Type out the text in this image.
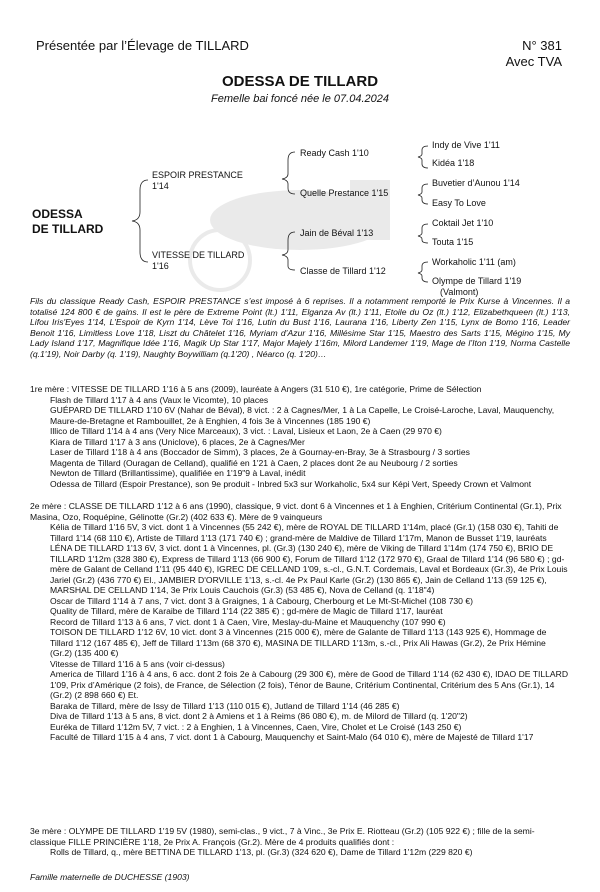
Présentée par l’Élevage de TILLARD	N° 381
Avec TVA
ODESSA DE TILLARD
Femelle bai foncé née le 07.04.2024
ODESSA
DE TILLARD
ESPOIR PRESTANCE
1'14
VITESSE DE TILLARD
1'16
Ready Cash 1'10
Quelle Prestance 1'15
Jain de Béval 1'13
Classe de Tillard 1'12
Indy de Vive 1'11
Kidéa 1'18
Buvetier d’Aunou 1'14
Easy To Love
Coktail Jet 1'10
Touta 1'15
Workaholic 1'11 (am)
Olympe de Tillard 1'19
(Valmont)
Fils du classique Ready Cash, ESPOIR PRESTANCE s’est imposé à 6 reprises. Il a notamment remporté le Prix Kurse à Vincennes. Il a totalisé 124 800 € de gains. Il est le père de Extreme Point (lt.) 1'11, Elganza Av (lt.) 1'11, Etoile du Oz (lt.) 1'12, Elizabethqueen (lt.) 1'13, Lifou Iris'Eyes 1'14, L'Espoir de Kyrn 1'14, Lève Toi 1'16, Lutin du Bust 1'16, Laurana 1'16, Liberty Zen 1'15, Lynx de Bomo 1'16, Leader Benoit 1'16, Limitless Love 1'18, Liszt du Châtelet 1'16, Myriam d’Azur 1'16, Millésime Star 1'15, Maestro des Sarts 1'15, Mégino 1'15, My Lady Island 1'17, Magnifique Idée 1'16, Magik Up Star 1'17, Major Majely 1'16m, Milord Landemer 1'19, Mage de l’Iton 1'19, Norma Castelle (q.1'19), Noir Darby (q. 1'19), Naughty Boywilliam (q.1'20) , Néarco (q. 1'20)…

1re mère : VITESSE DE TILLARD 1'16 à 5 ans (2009), lauréate à Angers (31 510 €), 1re catégorie, Prime de Sélection

Flash de Tillard 1'17 à 4 ans (Vaux le Vicomte), 10 places

GUÉPARD DE TILLARD 1'10 6V (Nahar de Béval), 8 vict. : 2 à Cagnes/Mer, 1 à La Capelle, Le Croisé-Laroche, Laval, Mauquenchy, Maure-de-Bretagne et Rambouillet, 2e à Enghien, 4 fois 3e à Vincennes (185 190 €)

Illico de Tillard 1'14 à 4 ans (Very Nice Marceaux), 3 vict. : Laval, Lisieux et Laon, 2e à Caen (29 970 €)

Kiara de Tillard 1'17 à 3 ans (Uniclove), 6 places, 2e à Cagnes/Mer

Laser de Tillard 1'18 à 4 ans (Boccador de Simm), 3 places, 2e à Gournay-en-Bray, 3e à Strasbourg / 3 sorties

Magenta de Tillard (Ouragan de Celland), qualifié en 1'21 à Caen, 2 places dont 2e au Neubourg / 2 sorties

Newton de Tillard (Brillantissime), qualifiée en 1'19"9 à Laval, inédit

Odessa de Tillard (Espoir Prestance), son 9e produit - Inbred 5x3 sur Workaholic, 5x4 sur Képi Vert, Speedy Crown et Valmont

2e mère : CLASSE DE TILLARD 1'12 à 6 ans (1990), classique, 9 vict. dont 6 à Vincennes et 1 à Enghien, Critérium Continental (Gr.1), Prix Masina, Ozo, Roquépine, Gélinotte (Gr.2) (402 633 €). Mère de 9 vainqueurs

Kélia de Tillard 1'16 5V, 3 vict. dont 1 à Vincennes (55 242 €), mère de ROYAL DE TILLARD 1'14m, placé (Gr.1) (158 030 €), Tahiti de Tillard 1'14 (68 110 €), Artiste de Tillard 1'13 (171 740 €) ; grand-mère de Maldive de Tillard 1'17m, Manon de Busset 1'19, lauréats

LÉNA DE TILLARD 1'13 6V, 3 vict. dont 1 à Vincennes, pl. (Gr.3) (130 240 €), mère de Viking de Tillard 1'14m (174 750 €), BRIO DE TILLARD 1'12m (328 380 €), Express de Tillard 1'13 (66 900 €), Forum de Tillard 1'12 (172 970 €), Graal de Tillard 1'14 (96 580 €) ; gd-mère de Galant de Celland 1'11 (95 440 €), IGREC DE CELLAND 1'09, s.-cl., G.N.T. Cordemais, Laval et Bordeaux (Gr.3), 4e Prix Louis Jariel (Gr.2) (436 770 €) El., JAMBIER D'ORVILLE 1'13, s.-cl. 4e Px Paul Karle (Gr.2) (130 865 €), Jain de Celland 1'13 (59 125 €), MARSHAL DE CELLAND 1'14, 3e Prix Louis Cauchois (Gr.3) (53 485 €), Nova de Celland (q. 1'18"4)

Oscar de Tillard 1'14 à 7 ans, 7 vict. dont 3 à Graignes, 1 à Cabourg, Cherbourg et Le Mt-St-Michel (108 730 €)

Quality de Tillard, mère de Karaibe de Tillard 1'14 (22 385 €) ; gd-mère de Magic de Tillard 1'17, lauréat

Record de Tillard 1'13 à 6 ans, 7 vict. dont 1 à Caen, Vire, Meslay-du-Maine et Mauquenchy (107 990 €)

TOISON DE TILLARD 1'12 6V, 10 vict. dont 3 à Vincennes (215 000 €), mère de Galante de Tillard 1'13 (143 925 €), Hommage de Tillard 1'12 (167 485 €), Jeff de Tillard 1'13m (68 370 €), MASINA DE TILLARD 1'13m, s.-cl., Prix Ali Hawas (Gr.2), 2e Prix Hémine (Gr.2) (135 400 €)

Vitesse de Tillard 1'16 à 5 ans (voir ci-dessus)

America de Tillard 1'16 à 4 ans, 6 acc. dont 2 fois 2e à Cabourg (29 300 €), mère de Good de Tillard 1'14 (62 430 €), IDAO DE TILLARD 1'09, Prix d’Amérique (2 fois), de France, de Sélection (2 fois), Ténor de Baune, Critérium Continental, Critérium des 5 Ans (Gr.1), 14 (Gr.2) (2 898 660 €) Et.

Baraka de Tillard, mère de Issy de Tillard 1'13 (110 015 €), Jutland de Tillard 1'14 (46 285 €)

Diva de Tillard 1'13 à 5 ans, 8 vict. dont 2 à Amiens et 1 à Reims (86 080 €), m. de Milord de Tillard (q. 1'20"2)

Euréka de Tillard 1'12m 5V, 7 vict. : 2 à Enghien, 1 à Vincennes, Caen, Vire, Cholet et Le Croisé (143 250 €)

Faculté de Tillard 1'15 à 4 ans, 7 vict. dont 1 à Cabourg, Mauquenchy et Saint-Malo (64 010 €), mère de Majesté de Tillard 1'17

3e mère : OLYMPE DE TILLARD 1'19 5V (1980), semi-clas., 9 vict., 7 à Vinc., 3e Prix E. Riotteau (Gr.2) (105 922 €) ; fille de la semi-classique FILLE PRINCIÈRE 1'18, 2e Prix A. François (Gr.2). Mère de 4 produits qualifiés dont :

Rolls de Tillard, q., mère BETTINA DE TILLARD 1'13, pl. (Gr.3) (324 620 €), Dame de Tillard 1'12m (229 820 €)

Famille maternelle de DUCHESSE (1903)
